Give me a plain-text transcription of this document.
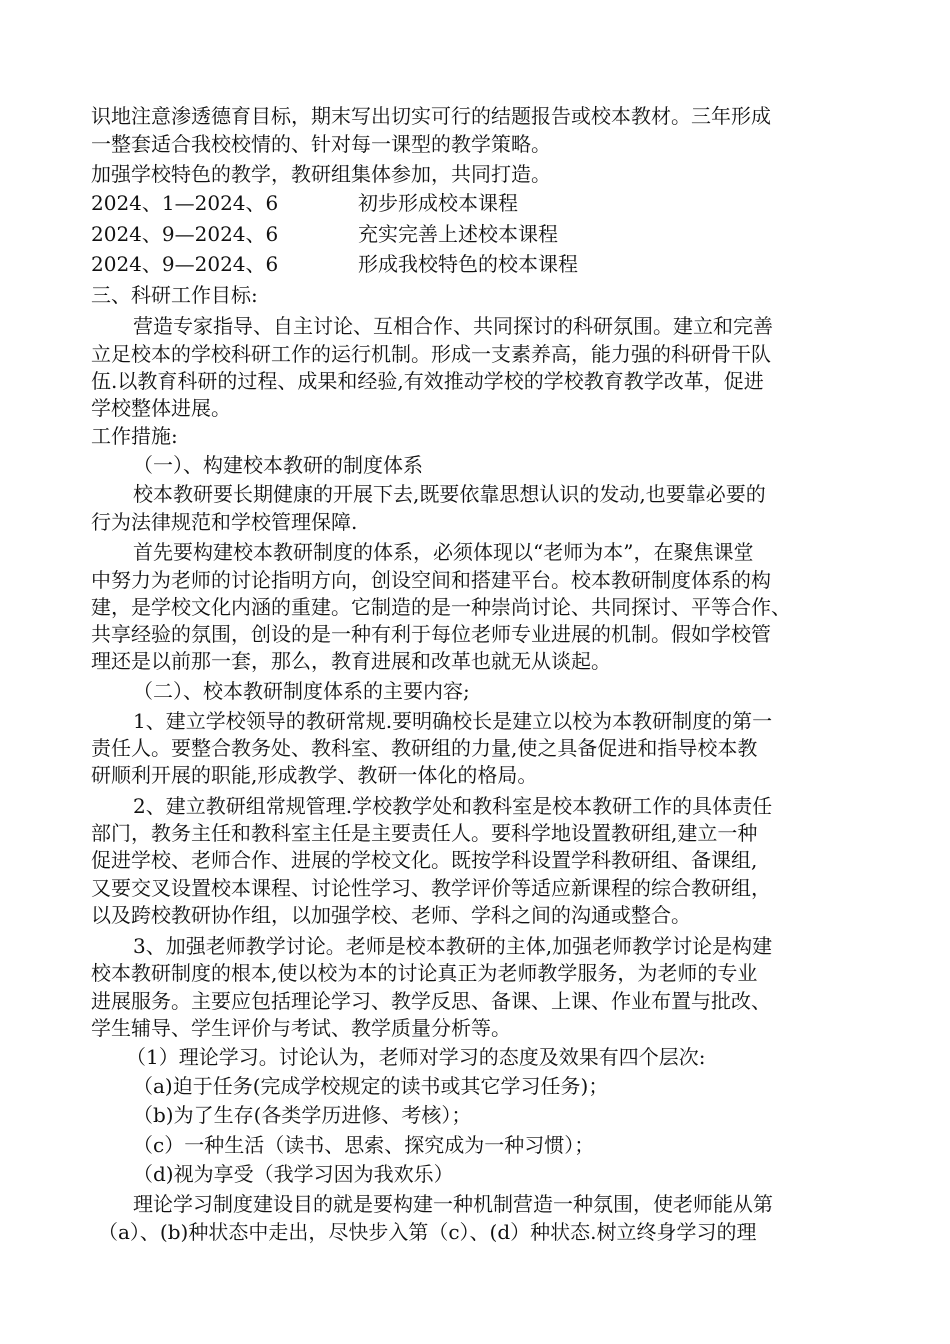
识地注意渗透德育目标，期末写出切实可行的结题报告或校本教材。三年形成
一整套适合我校校情的、针对每一课型的教学策略。
加强学校特色的教学，教研组集体参加，共同打造。
2024、1—2024、6	初步形成校本课程
2024、9—2024、6	充实完善上述校本课程
2024、9—2024、6	形成我校特色的校本课程
三、科研工作目标:
营造专家指导、自主讨论、互相合作、共同探讨的科研氛围。建立和完善
立足校本的学校科研工作的运行机制。形成一支素养高，能力强的科研骨干队
伍.以教育科研的过程、成果和经验,有效推动学校的学校教育教学改革，促进
学校整体进展。
工作措施:
（一）、构建校本教研的制度体系
校本教研要长期健康的开展下去,既要依靠思想认识的发动,也要靠必要的
行为法律规范和学校管理保障.
首先要构建校本教研制度的体系，必须体现以“老师为本”，在聚焦课堂
中努力为老师的讨论指明方向，创设空间和搭建平台。校本教研制度体系的构
建，是学校文化内涵的重建。它制造的是一种崇尚讨论、共同探讨、平等合作、
共享经验的氛围，创设的是一种有利于每位老师专业进展的机制。假如学校管
理还是以前那一套，那么，教育进展和改革也就无从谈起。
（二）、校本教研制度体系的主要内容;
1、建立学校领导的教研常规.要明确校长是建立以校为本教研制度的第一
责任人。要整合教务处、教科室、教研组的力量,使之具备促进和指导校本教
研顺利开展的职能,形成教学、教研一体化的格局。
2、建立教研组常规管理.学校教学处和教科室是校本教研工作的具体责任
部门，教务主任和教科室主任是主要责任人。要科学地设置教研组,建立一种
促进学校、老师合作、进展的学校文化。既按学科设置学科教研组、备课组,
又要交叉设置校本课程、讨论性学习、教学评价等适应新课程的综合教研组，
以及跨校教研协作组，以加强学校、老师、学科之间的沟通或整合。
3、加强老师教学讨论。老师是校本教研的主体,加强老师教学讨论是构建
校本教研制度的根本,使以校为本的讨论真正为老师教学服务，为老师的专业
进展服务。主要应包括理论学习、教学反思、备课、上课、作业布置与批改、
学生辅导、学生评价与考试、教学质量分析等。
（1）理论学习。讨论认为，老师对学习的态度及效果有四个层次:
（a)迫于任务(完成学校规定的读书或其它学习任务)；
（b)为了生存(各类学历进修、考核）；
（c）一种生活（读书、思索、探究成为一种习惯）；
（d)视为享受（我学习因为我欢乐）
理论学习制度建设目的就是要构建一种机制营造一种氛围，使老师能从第
（a）、(b)种状态中走出，尽快步入第（c）、(d）种状态.树立终身学习的理
